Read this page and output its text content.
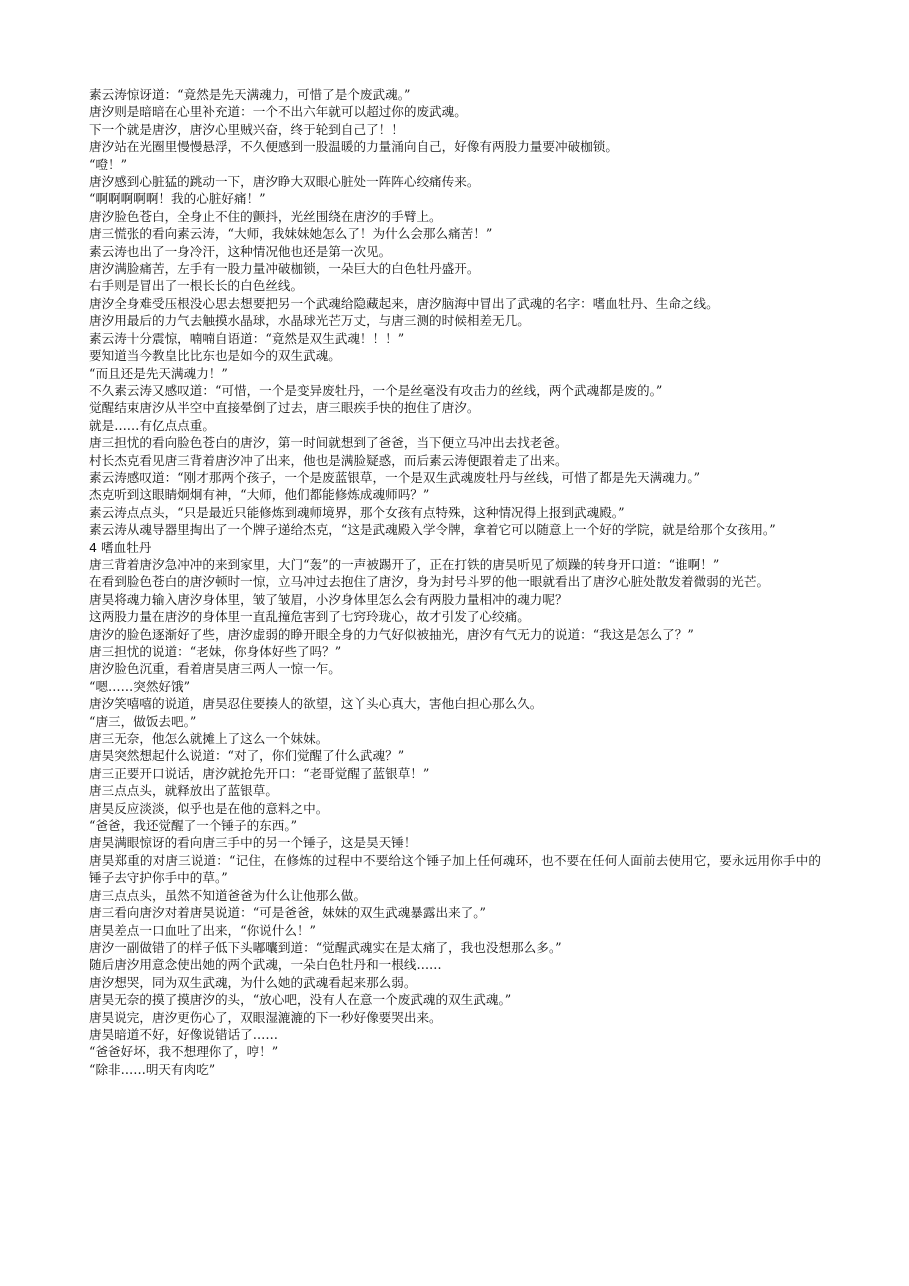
素云涛惊讶道：“竟然是先天满魂力，可惜了是个废武魂。”

唐汐则是暗暗在心里补充道：一个不出六年就可以超过你的废武魂。

下一个就是唐汐，唐汐心里贼兴奋，终于轮到自己了！！

唐汐站在光圈里慢慢悬浮，不久便感到一股温暖的力量涌向自己，好像有两股力量要冲破枷锁。

“噔！”

唐汐感到心脏猛的跳动一下，唐汐睁大双眼心脏处一阵阵心绞痛传来。

“啊啊啊啊啊！我的心脏好痛！”

唐汐脸色苍白，全身止不住的颤抖，光丝围绕在唐汐的手臂上。

唐三慌张的看向素云涛，“大师，我妹妹她怎么了！为什么会那么痛苦！”

素云涛也出了一身冷汗，这种情况他也还是第一次见。

唐汐满脸痛苦，左手有一股力量冲破枷锁，一朵巨大的白色牡丹盛开。

右手则是冒出了一根长长的白色丝线。

唐汐全身难受压根没心思去想要把另一个武魂给隐藏起来，唐汐脑海中冒出了武魂的名字：嗜血牡丹、生命之线。

唐汐用最后的力气去触摸水晶球，水晶球光芒万丈，与唐三测的时候相差无几。

素云涛十分震惊，喃喃自语道：“竟然是双生武魂！！！”

要知道当今教皇比比东也是如今的双生武魂。

“而且还是先天满魂力！”

不久素云涛又感叹道：“可惜，一个是变异废牡丹，一个是丝毫没有攻击力的丝线，两个武魂都是废的。”

觉醒结束唐汐从半空中直接晕倒了过去，唐三眼疾手快的抱住了唐汐。

就是……有亿点点重。

唐三担忧的看向脸色苍白的唐汐，第一时间就想到了爸爸，当下便立马冲出去找老爸。

村长杰克看见唐三背着唐汐冲了出来，他也是满脸疑惑，而后素云涛便跟着走了出来。

素云涛感叹道：“刚才那两个孩子，一个是废蓝银草，一个是双生武魂废牡丹与丝线，可惜了都是先天满魂力。”

杰克听到这眼睛炯炯有神，“大师，他们都能修炼成魂师吗？”

素云涛点点头，“只是最近只能修炼到魂师境界，那个女孩有点特殊，这种情况得上报到武魂殿。”

素云涛从魂导器里掏出了一个牌子递给杰克，“这是武魂殿入学令牌，拿着它可以随意上一个好的学院，就是给那个女孩用。”

4 嗜血牡丹

唐三背着唐汐急冲冲的来到家里，大门“轰”的一声被踢开了，正在打铁的唐昊听见了烦躁的转身开口道：“谁啊！”

在看到脸色苍白的唐汐顿时一惊，立马冲过去抱住了唐汐，身为封号斗罗的他一眼就看出了唐汐心脏处散发着微弱的光芒。

唐昊将魂力输入唐汐身体里，皱了皱眉，小汐身体里怎么会有两股力量相冲的魂力呢？

这两股力量在唐汐的身体里一直乱撞危害到了七窍玲珑心，故才引发了心绞痛。

唐汐的脸色逐渐好了些，唐汐虚弱的睁开眼全身的力气好似被抽光，唐汐有气无力的说道：“我这是怎么了？”

唐三担忧的说道：“老妹，你身体好些了吗？”

唐汐脸色沉重，看着唐昊唐三两人一惊一乍。

“嗯……突然好饿”

唐汐笑嘻嘻的说道，唐昊忍住要揍人的欲望，这丫头心真大，害他白担心那么久。

“唐三，做饭去吧。”

唐三无奈，他怎么就摊上了这么一个妹妹。

唐昊突然想起什么说道：“对了，你们觉醒了什么武魂？”

唐三正要开口说话，唐汐就抢先开口：“老哥觉醒了蓝银草！”

唐三点点头，就释放出了蓝银草。

唐昊反应淡淡，似乎也是在他的意料之中。

“爸爸，我还觉醒了一个锤子的东西。”

唐昊满眼惊讶的看向唐三手中的另一个锤子，这是昊天锤！

唐昊郑重的对唐三说道：“记住，在修炼的过程中不要给这个锤子加上任何魂环，也不要在任何人面前去使用它，要永远用你手中的锤子去守护你手中的草。”

唐三点点头，虽然不知道爸爸为什么让他那么做。

唐三看向唐汐对着唐昊说道：“可是爸爸，妹妹的双生武魂暴露出来了。”

唐昊差点一口血吐了出来，“你说什么！”

唐汐一副做错了的样子低下头嘟囔到道：“觉醒武魂实在是太痛了，我也没想那么多。”

随后唐汐用意念使出她的两个武魂，一朵白色牡丹和一根线……

唐汐想哭，同为双生武魂，为什么她的武魂看起来那么弱。

唐昊无奈的摸了摸唐汐的头，“放心吧，没有人在意一个废武魂的双生武魂。”

唐昊说完，唐汐更伤心了，双眼湿漉漉的下一秒好像要哭出来。

唐昊暗道不好，好像说错话了……

“爸爸好坏，我不想理你了，哼！”

“除非……明天有肉吃”
